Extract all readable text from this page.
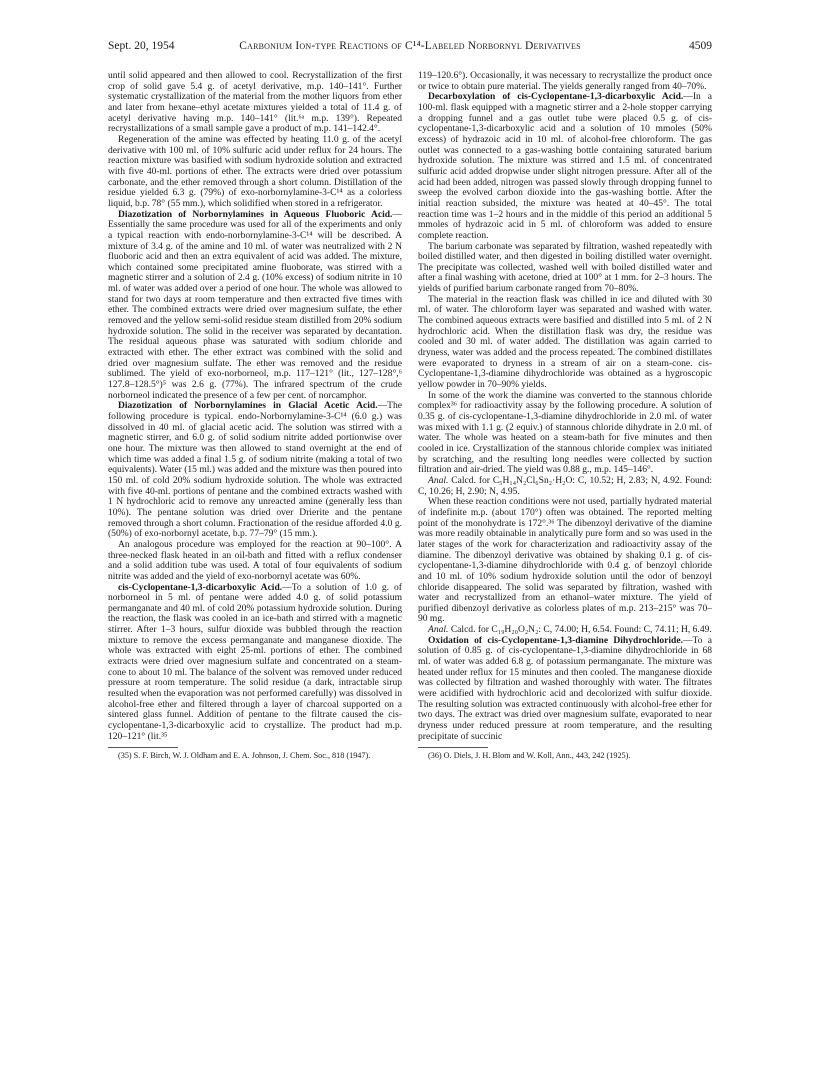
Sept. 20, 1954	Carbonium Ion-type Reactions of C¹⁴-Labeled Norbornyl Derivatives	4509

until solid appeared and then allowed to cool. Recrystallization of the first crop of solid gave 5.4 g. of acetyl derivative, m.p. 140–141°. Further systematic crystallization of the material from the mother liquors from ether and later from hexane–ethyl acetate mixtures yielded a total of 11.4 g. of acetyl derivative having m.p. 140–141° (lit.⁶ᵃ m.p. 139°). Repeated recrystallizations of a small sample gave a product of m.p. 141–142.4°.

Regeneration of the amine was effected by heating 11.0 g. of the acetyl derivative with 100 ml. of 10% sulfuric acid under reflux for 24 hours. The reaction mixture was basified with sodium hydroxide solution and extracted with five 40-ml. portions of ether. The extracts were dried over potassium carbonate, and the ether removed through a short column. Distillation of the residue yielded 6.3 g. (79%) of exo-norbornylamine-3-C¹⁴ as a colorless liquid, b.p. 78° (55 mm.), which solidified when stored in a refrigerator.

Diazotization of Norbornylamines in Aqueous Fluoboric Acid.—Essentially the same procedure was used for all of the experiments and only a typical reaction with endo-norbornylamine-3-C¹⁴ will be described. A mixture of 3.4 g. of the amine and 10 ml. of water was neutralized with 2 N fluoboric acid and then an extra equivalent of acid was added. The mixture, which contained some precipitated amine fluoborate, was stirred with a magnetic stirrer and a solution of 2.4 g. (10% excess) of sodium nitrite in 10 ml. of water was added over a period of one hour. The whole was allowed to stand for two days at room temperature and then extracted five times with ether. The combined extracts were dried over magnesium sulfate, the ether removed and the yellow semi-solid residue steam distilled from 20% sodium hydroxide solution. The solid in the receiver was separated by decantation. The residual aqueous phase was saturated with sodium chloride and extracted with ether. The ether extract was combined with the solid and dried over magnesium sulfate. The ether was removed and the residue sublimed. The yield of exo-norborneol, m.p. 117–121° (lit., 127–128°,⁶ 127.8–128.5°)⁵ was 2.6 g. (77%). The infrared spectrum of the crude norborneol indicated the presence of a few per cent. of norcamphor.

Diazotization of Norbornylamines in Glacial Acetic Acid.—The following procedure is typical. endo-Norbornylamine-3-C¹⁴ (6.0 g.) was dissolved in 40 ml. of glacial acetic acid. The solution was stirred with a magnetic stirrer, and 6.0 g. of solid sodium nitrite added portionwise over one hour. The mixture was then allowed to stand overnight at the end of which time was added a final 1.5 g. of sodium nitrite (making a total of two equivalents). Water (15 ml.) was added and the mixture was then poured into 150 ml. of cold 20% sodium hydroxide solution. The whole was extracted with five 40-ml. portions of pentane and the combined extracts washed with 1 N hydrochloric acid to remove any unreacted amine (generally less than 10%). The pentane solution was dried over Drierite and the pentane removed through a short column. Fractionation of the residue afforded 4.0 g. (50%) of exo-norbornyl acetate, b.p. 77–79° (15 mm.).

An analogous procedure was employed for the reaction at 90–100°. A three-necked flask heated in an oil-bath and fitted with a reflux condenser and a solid addition tube was used. A total of four equivalents of sodium nitrite was added and the yield of exo-norbornyl acetate was 60%.

cis-Cyclopentane-1,3-dicarboxylic Acid.—To a solution of 1.0 g. of norborneol in 5 ml. of pentane were added 4.0 g. of solid potassium permanganate and 40 ml. of cold 20% potassium hydroxide solution. During the reaction, the flask was cooled in an ice-bath and stirred with a magnetic stirrer. After 1–3 hours, sulfur dioxide was bubbled through the reaction mixture to remove the excess permanganate and manganese dioxide. The whole was extracted with eight 25-ml. portions of ether. The combined extracts were dried over magnesium sulfate and concentrated on a steam-cone to about 10 ml. The balance of the solvent was removed under reduced pressure at room temperature. The solid residue (a dark, intractable sirup resulted when the evaporation was not performed carefully) was dissolved in alcohol-free ether and filtered through a layer of charcoal supported on a sintered glass funnel. Addition of pentane to the filtrate caused the cis-cyclopentane-1,3-dicarboxylic acid to crystallize. The product had m.p. 120–121° (lit.³⁵

(35) S. F. Birch, W. J. Oldham and E. A. Johnson, J. Chem. Soc., 818 (1947).

119–120.6°). Occasionally, it was necessary to recrystallize the product once or twice to obtain pure material. The yields generally ranged from 40–70%.

Decarboxylation of cis-Cyclopentane-1,3-dicarboxylic Acid.—In a 100-ml. flask equipped with a magnetic stirrer and a 2-hole stopper carrying a dropping funnel and a gas outlet tube were placed 0.5 g. of cis-cyclopentane-1,3-dicarboxylic acid and a solution of 10 mmoles (50% excess) of hydrazoic acid in 10 ml. of alcohol-free chloroform. The gas outlet was connected to a gas-washing bottle containing saturated barium hydroxide solution. The mixture was stirred and 1.5 ml. of concentrated sulfuric acid added dropwise under slight nitrogen pressure. After all of the acid had been added, nitrogen was passed slowly through dropping funnel to sweep the evolved carbon dioxide into the gas-washing bottle. After the initial reaction subsided, the mixture was heated at 40–45°. The total reaction time was 1–2 hours and in the middle of this period an additional 5 mmoles of hydrazoic acid in 5 ml. of chloroform was added to ensure complete reaction.

The barium carbonate was separated by filtration, washed repeatedly with boiled distilled water, and then digested in boiling distilled water overnight. The precipitate was collected, washed well with boiled distilled water and after a final washing with acetone, dried at 100° at 1 mm. for 2–3 hours. The yields of purified barium carbonate ranged from 70–80%.

The material in the reaction flask was chilled in ice and diluted with 30 ml. of water. The chloroform layer was separated and washed with water. The combined aqueous extracts were basified and distilled into 5 ml. of 2 N hydrochloric acid. When the distillation flask was dry, the residue was cooled and 30 ml. of water added. The distillation was again carried to dryness, water was added and the process repeated. The combined distillates were evaporated to dryness in a stream of air on a steam-cone. cis-Cyclopentane-1,3-diamine dihydrochloride was obtained as a hygroscopic yellow powder in 70–90% yields.

In some of the work the diamine was converted to the stannous chloride complex³⁶ for radioactivity assay by the following procedure. A solution of 0.35 g. of cis-cyclopentane-1,3-diamine dihydrochloride in 2.0 ml. of water was mixed with 1.1 g. (2 equiv.) of stannous chloride dihydrate in 2.0 ml. of water. The whole was heated on a steam-bath for five minutes and then cooled in ice. Crystallization of the stannous chloride complex was initiated by scratching, and the resulting long needles were collected by suction filtration and air-dried. The yield was 0.88 g., m.p. 145–146°.

Anal. Calcd. for C₅H₁₄N₂Cl₆Sn₂·H₂O: C, 10.52; H, 2.83; N, 4.92. Found: C, 10.26; H, 2.90; N, 4.95.

When these reaction conditions were not used, partially hydrated material of indefinite m.p. (about 170°) often was obtained. The reported melting point of the monohydrate is 172°.³⁶ The dibenzoyl derivative of the diamine was more readily obtainable in analytically pure form and so was used in the later stages of the work for characterization and radioactivity assay of the diamine. The dibenzoyl derivative was obtained by shaking 0.1 g. of cis-cyclopentane-1,3-diamine dihydrochloride with 0.4 g. of benzoyl chloride and 10 ml. of 10% sodium hydroxide solution until the odor of benzoyl chloride disappeared. The solid was separated by filtration, washed with water and recrystallized from an ethanol–water mixture. The yield of purified dibenzoyl derivative as colorless plates of m.p. 213–215° was 70–90 mg.

Anal. Calcd. for C₁₉H₂₀O₂N₂: C, 74.00; H, 6.54. Found: C, 74.11; H, 6.49.

Oxidation of cis-Cyclopentane-1,3-diamine Dihydrochloride.—To a solution of 0.85 g. of cis-cyclopentane-1,3-diamine dihydrochloride in 68 ml. of water was added 6.8 g. of potassium permanganate. The mixture was heated under reflux for 15 minutes and then cooled. The manganese dioxide was collected by filtration and washed thoroughly with water. The filtrates were acidified with hydrochloric acid and decolorized with sulfur dioxide. The resulting solution was extracted continuously with alcohol-free ether for two days. The extract was dried over magnesium sulfate, evaporated to near dryness under reduced pressure at room temperature, and the resulting precipitate of succinic

(36) O. Diels, J. H. Blom and W. Koll, Ann., 443, 242 (1925).
